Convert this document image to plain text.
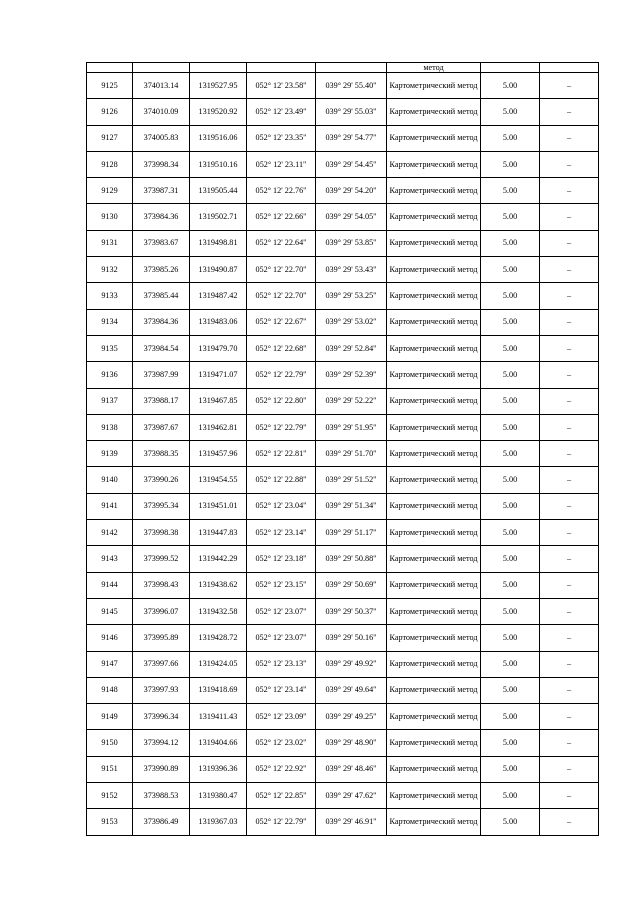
					метод		
9125	374013.14	1319527.95	052° 12' 23.58"	039° 29' 55.40"	Картометрический метод	5.00	–
9126	374010.09	1319520.92	052° 12' 23.49"	039° 29' 55.03"	Картометрический метод	5.00	–
9127	374005.83	1319516.06	052° 12' 23.35"	039° 29' 54.77"	Картометрический метод	5.00	–
9128	373998.34	1319510.16	052° 12' 23.11"	039° 29' 54.45"	Картометрический метод	5.00	–
9129	373987.31	1319505.44	052° 12' 22.76"	039° 29' 54.20"	Картометрический метод	5.00	–
9130	373984.36	1319502.71	052° 12' 22.66"	039° 29' 54.05"	Картометрический метод	5.00	–
9131	373983.67	1319498.81	052° 12' 22.64"	039° 29' 53.85"	Картометрический метод	5.00	–
9132	373985.26	1319490.87	052° 12' 22.70"	039° 29' 53.43"	Картометрический метод	5.00	–
9133	373985.44	1319487.42	052° 12' 22.70"	039° 29' 53.25"	Картометрический метод	5.00	–
9134	373984.36	1319483.06	052° 12' 22.67"	039° 29' 53.02"	Картометрический метод	5.00	–
9135	373984.54	1319479.70	052° 12' 22.68"	039° 29' 52.84"	Картометрический метод	5.00	–
9136	373987.99	1319471.07	052° 12' 22.79"	039° 29' 52.39"	Картометрический метод	5.00	–
9137	373988.17	1319467.85	052° 12' 22.80"	039° 29' 52.22"	Картометрический метод	5.00	–
9138	373987.67	1319462.81	052° 12' 22.79"	039° 29' 51.95"	Картометрический метод	5.00	–
9139	373988.35	1319457.96	052° 12' 22.81"	039° 29' 51.70"	Картометрический метод	5.00	–
9140	373990.26	1319454.55	052° 12' 22.88"	039° 29' 51.52"	Картометрический метод	5.00	–
9141	373995.34	1319451.01	052° 12' 23.04"	039° 29' 51.34"	Картометрический метод	5.00	–
9142	373998.38	1319447.83	052° 12' 23.14"	039° 29' 51.17"	Картометрический метод	5.00	–
9143	373999.52	1319442.29	052° 12' 23.18"	039° 29' 50.88"	Картометрический метод	5.00	–
9144	373998.43	1319438.62	052° 12' 23.15"	039° 29' 50.69"	Картометрический метод	5.00	–
9145	373996.07	1319432.58	052° 12' 23.07"	039° 29' 50.37"	Картометрический метод	5.00	–
9146	373995.89	1319428.72	052° 12' 23.07"	039° 29' 50.16"	Картометрический метод	5.00	–
9147	373997.66	1319424.05	052° 12' 23.13"	039° 29' 49.92"	Картометрический метод	5.00	–
9148	373997.93	1319418.69	052° 12' 23.14"	039° 29' 49.64"	Картометрический метод	5.00	–
9149	373996.34	1319411.43	052° 12' 23.09"	039° 29' 49.25"	Картометрический метод	5.00	–
9150	373994.12	1319404.66	052° 12' 23.02"	039° 29' 48.90"	Картометрический метод	5.00	–
9151	373990.89	1319396.36	052° 12' 22.92"	039° 29' 48.46"	Картометрический метод	5.00	–
9152	373988.53	1319380.47	052° 12' 22.85"	039° 29' 47.62"	Картометрический метод	5.00	–
9153	373986.49	1319367.03	052° 12' 22.79"	039° 29' 46.91"	Картометрический метод	5.00	–
